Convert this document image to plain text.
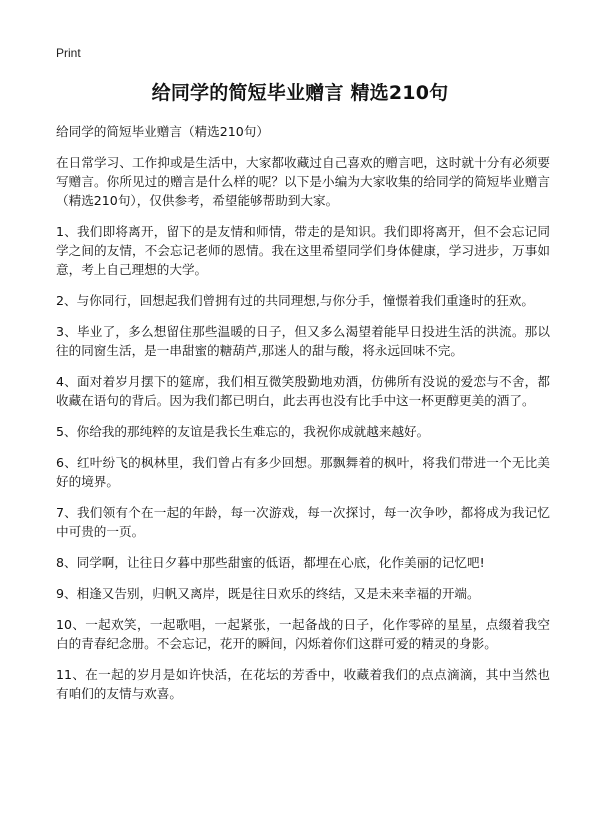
Print
给同学的简短毕业赠言 精选210句

给同学的简短毕业赠言（精选210句）

在日常学习、工作抑或是生活中，大家都收藏过自己喜欢的赠言吧，这时就十分有必须要写赠言。你所见过的赠言是什么样的呢？以下是小编为大家收集的给同学的简短毕业赠言（精选210句），仅供参考，希望能够帮助到大家。

1、我们即将离开，留下的是友情和师情，带走的是知识。我们即将离开，但不会忘记同学之间的友情，不会忘记老师的恩情。我在这里希望同学们身体健康，学习进步，万事如意，考上自己理想的大学。

2、与你同行，回想起我们曾拥有过的共同理想,与你分手，憧憬着我们重逢时的狂欢。

3、毕业了，多么想留住那些温暖的日子，但又多么渴望着能早日投进生活的洪流。那以往的同窗生活，是一串甜蜜的糖葫芦,那迷人的甜与酸，将永远回味不完。

4、面对着岁月摆下的筵席，我们相互微笑殷勤地劝酒，仿佛所有没说的爱恋与不舍，都收藏在语句的背后。因为我们都已明白，此去再也没有比手中这一杯更醇更美的酒了。

5、你给我的那纯粹的友谊是我长生难忘的，我祝你成就越来越好。

6、红叶纷飞的枫林里，我们曾占有多少回想。那飘舞着的枫叶，将我们带进一个无比美好的境界。

7、我们领有个在一起的年龄，每一次游戏，每一次探讨，每一次争吵，都将成为我记忆中可贵的一页。

8、同学啊，让往日夕暮中那些甜蜜的低语，都埋在心底，化作美丽的记忆吧!

9、相逢又告别，归帆又离岸，既是往日欢乐的终结，又是未来幸福的开端。

10、一起欢笑，一起歌唱，一起紧张，一起备战的日子，化作零碎的星星，点缀着我空白的青春纪念册。不会忘记，花开的瞬间，闪烁着你们这群可爱的精灵的身影。

11、在一起的岁月是如许快活，在花坛的芳香中，收藏着我们的点点滴滴，其中当然也有咱们的友情与欢喜。
